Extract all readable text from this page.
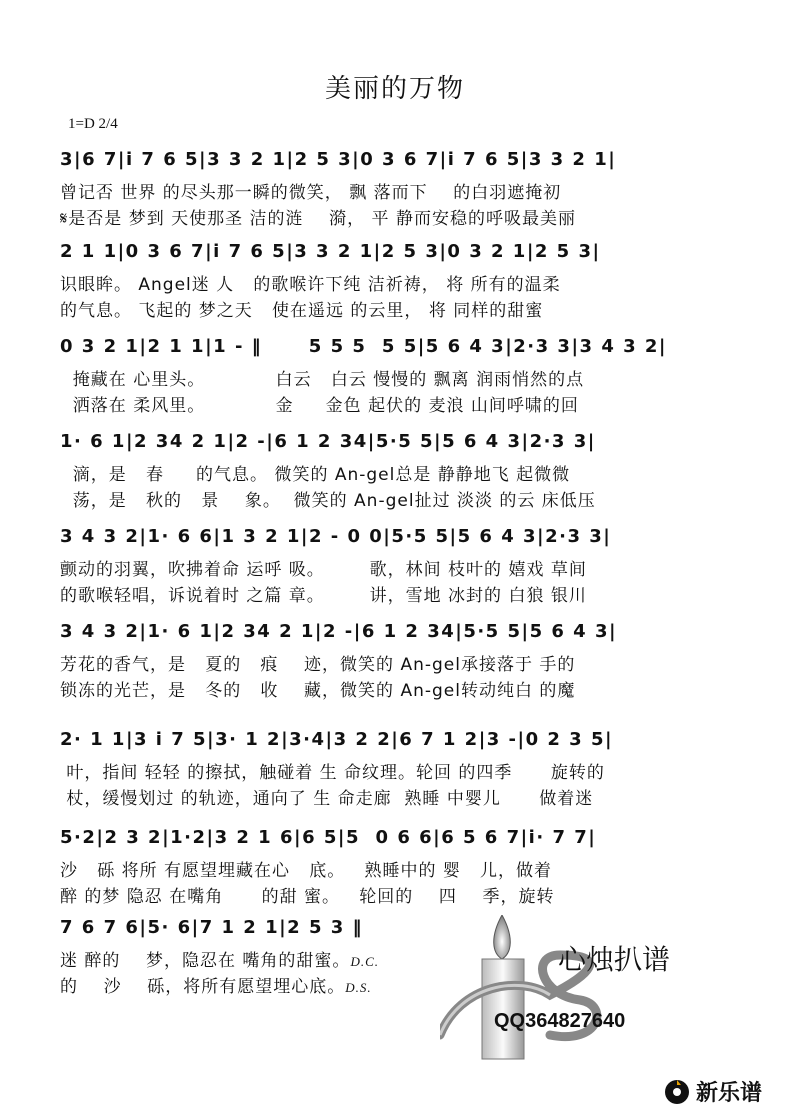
美丽的万物
1=D 2/4
3|6 7|i 7 6 5|3 3 2 1|2 5 3|0 3 6 7|i 7 6 5|3 3 2 1|
曾记否 世界 的尽头那一瞬的微笑， 飘 落而下    的白羽遮掩初
𝄋是否是 梦到 天使那圣 洁的涟    漪， 平 静而安稳的呼吸最美丽
2 1 1|0 3 6 7|i 7 6 5|3 3 2 1|2 5 3|0 3 2 1|2 5 3|
识眼眸。 Angel迷 人   的歌喉许下纯 洁祈祷， 将 所有的温柔
的气息。 飞起的 梦之天   使在遥远 的云里， 将 同样的甜蜜
0 3 2 1|2 1 1|1 - ‖      5 5 5  5 5|5 6 4 3|2·3 3|3 4 3 2|
掩藏在 心里头。           白云   白云 慢慢的 飘离 润雨悄然的点
洒落在 柔风里。           金     金色 起伏的 麦浪 山间呼啸的回
1· 6 1|2 34 2 1|2 -|6 1 2 34|5·5 5|5 6 4 3|2·3 3|
滴，是   春     的气息。 微笑的 An-gel总是 静静地飞 起微微
荡，是   秋的   景    象。  微笑的 An-gel扯过 淡淡 的云 床低压
3 4 3 2|1· 6 6|1 3 2 1|2 - 0 0|5·5 5|5 6 4 3|2·3 3|
颤动的羽翼，吹拂着命 运呼 吸。       歌，林间 枝叶的 嬉戏 草间
的歌喉轻唱，诉说着时 之篇 章。       讲，雪地 冰封的 白狼 银川
3 4 3 2|1· 6 1|2 34 2 1|2 -|6 1 2 34|5·5 5|5 6 4 3|
芳花的香气，是   夏的   痕    迹，微笑的 An-gel承接落于 手的
锁冻的光芒，是   冬的   收    藏，微笑的 An-gel转动纯白 的魔
2· 1 1|3 i 7 5|3· 1 2|3·4|3 2 2|6 7 1 2|3 -|0 2 3 5|
叶，指间 轻轻 的擦拭，触碰着 生 命纹理。轮回 的四季      旋转的
杖，缓慢划过 的轨迹，通向了 生 命走廊  熟睡 中婴儿      做着迷
5·2|2 3 2|1·2|3 2 1 6|6 5|5  0 6 6|6 5 6 7|i· 7 7|
沙   砾 将所 有愿望埋藏在心   底。   熟睡中的 婴   儿，做着
醉 的梦 隐忍 在嘴角      的甜 蜜。   轮回的    四    季，旋转
7 6 7 6|5· 6|7 1 2 1|2 5 3 ‖
迷 醉的    梦，隐忍在 嘴角的甜蜜。D.C.
的    沙    砾，将所有愿望埋心底。D.S.
心烛扒谱
QQ364827640
新乐谱
